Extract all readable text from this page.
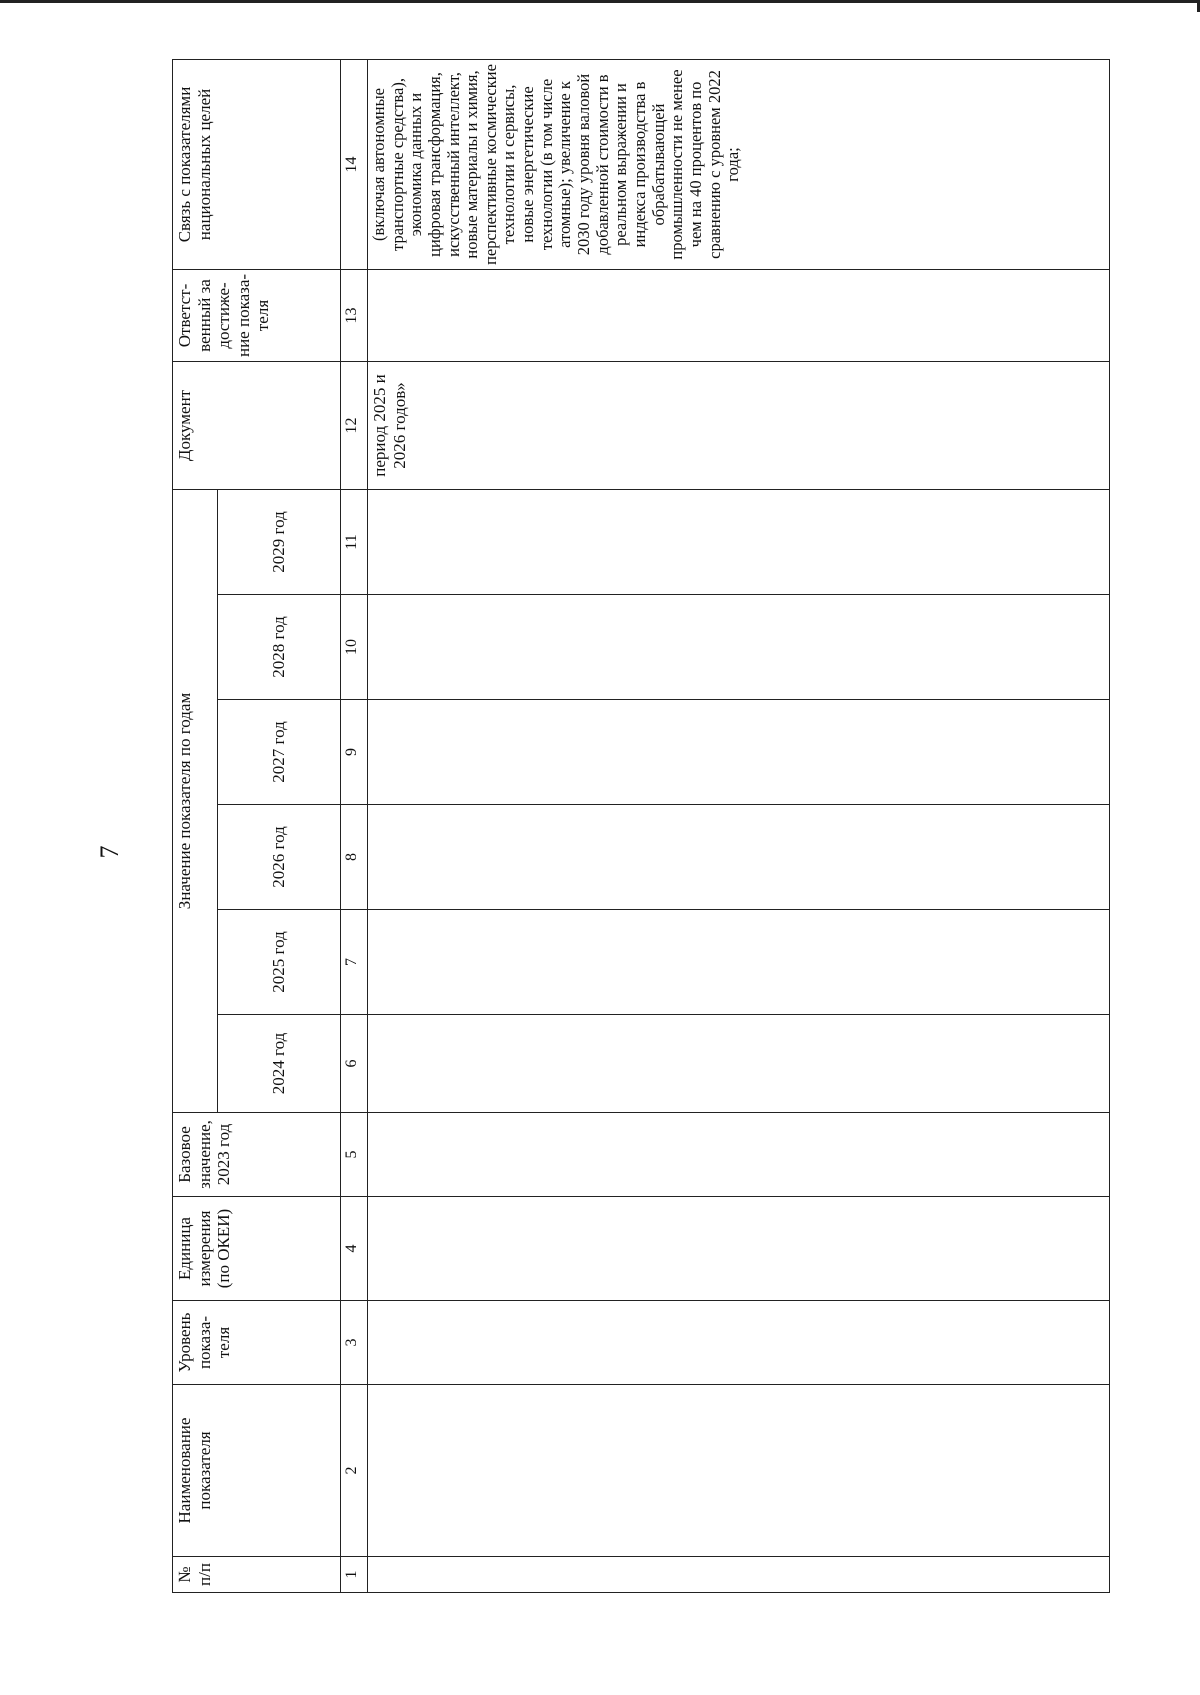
7
№ п/п	Наименование показателя	Уровень показа-теля	Единица измерения (по ОКЕИ)	Базовое значение, 2023 год	Значение показателя по годам						Документ	Ответст-венный за достиже-ние показа-теля	Связь с показателями национальных целей
					2024 год	2025 год	2026 год	2027 год	2028 год	2029 год			
1	2	3	4	5	6	7	8	9	10	11	12	13	14
											период 2025 и 2026 годов»		(включая автономные транспортные средства), экономика данных и цифровая трансформация, искусственный интеллект, новые материалы и химия, перспективные космические технологии и сервисы, новые энергетические технологии (в том числе атомные); увеличение к 2030 году уровня валовой добавленной стоимости в реальном выражении и индекса производства в обрабатывающей промышленности не менее чем на 40 процентов по сравнению с уровнем 2022 года;
